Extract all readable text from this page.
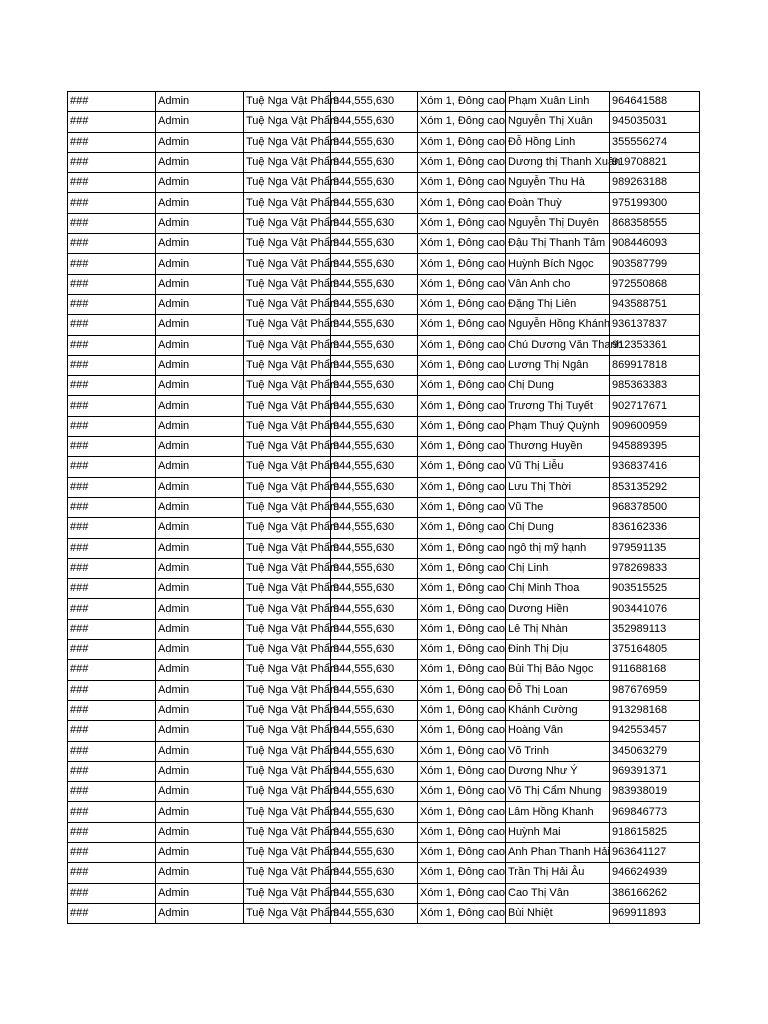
###	Admin	Tuệ Nga Vật Phẩm	944,555,630	Xóm 1, Đông cao	Phạm Xuân Linh	964641588
###	Admin	Tuệ Nga Vật Phẩm	944,555,630	Xóm 1, Đông cao	Nguyễn Thị Xuân	945035031
###	Admin	Tuệ Nga Vật Phẩm	944,555,630	Xóm 1, Đông cao	Đỗ Hồng Linh	355556274
###	Admin	Tuệ Nga Vật Phẩm	944,555,630	Xóm 1, Đông cao	Dương thị Thanh Xuân	919708821
###	Admin	Tuệ Nga Vật Phẩm	944,555,630	Xóm 1, Đông cao	Nguyễn Thu Hà	989263188
###	Admin	Tuệ Nga Vật Phẩm	944,555,630	Xóm 1, Đông cao	Đoàn Thuỳ	975199300
###	Admin	Tuệ Nga Vật Phẩm	944,555,630	Xóm 1, Đông cao	Nguyễn Thị Duyên	868358555
###	Admin	Tuệ Nga Vật Phẩm	944,555,630	Xóm 1, Đông cao	Đậu Thị Thanh Tâm	908446093
###	Admin	Tuệ Nga Vật Phẩm	944,555,630	Xóm 1, Đông cao	Huỳnh Bích Ngọc	903587799
###	Admin	Tuệ Nga Vật Phẩm	944,555,630	Xóm 1, Đông cao	Vân Anh cho	972550868
###	Admin	Tuệ Nga Vật Phẩm	944,555,630	Xóm 1, Đông cao	Đặng Thị Liên	943588751
###	Admin	Tuệ Nga Vật Phẩm	944,555,630	Xóm 1, Đông cao	Nguyễn Hồng Khánh	936137837
###	Admin	Tuệ Nga Vật Phẩm	944,555,630	Xóm 1, Đông cao	Chú Dương Văn Thanh	912353361
###	Admin	Tuệ Nga Vật Phẩm	944,555,630	Xóm 1, Đông cao	Lương Thị Ngân	869917818
###	Admin	Tuệ Nga Vật Phẩm	944,555,630	Xóm 1, Đông cao	Chị Dung	985363383
###	Admin	Tuệ Nga Vật Phẩm	944,555,630	Xóm 1, Đông cao	Trương Thị Tuyết	902717671
###	Admin	Tuệ Nga Vật Phẩm	944,555,630	Xóm 1, Đông cao	Phạm Thuý Quỳnh	909600959
###	Admin	Tuệ Nga Vật Phẩm	944,555,630	Xóm 1, Đông cao	Thương Huyền	945889395
###	Admin	Tuệ Nga Vật Phẩm	944,555,630	Xóm 1, Đông cao	Vũ Thị Liễu	936837416
###	Admin	Tuệ Nga Vật Phẩm	944,555,630	Xóm 1, Đông cao	Lưu Thị Thời	853135292
###	Admin	Tuệ Nga Vật Phẩm	944,555,630	Xóm 1, Đông cao	Vũ The	968378500
###	Admin	Tuệ Nga Vật Phẩm	944,555,630	Xóm 1, Đông cao	Chị Dung	836162336
###	Admin	Tuệ Nga Vật Phẩm	944,555,630	Xóm 1, Đông cao	ngô thị mỹ hạnh	979591135
###	Admin	Tuệ Nga Vật Phẩm	944,555,630	Xóm 1, Đông cao	Chị Linh	978269833
###	Admin	Tuệ Nga Vật Phẩm	944,555,630	Xóm 1, Đông cao	Chị Minh Thoa	903515525
###	Admin	Tuệ Nga Vật Phẩm	944,555,630	Xóm 1, Đông cao	Dương Hiền	903441076
###	Admin	Tuệ Nga Vật Phẩm	944,555,630	Xóm 1, Đông cao	Lê Thị Nhàn	352989113
###	Admin	Tuệ Nga Vật Phẩm	944,555,630	Xóm 1, Đông cao	Đinh Thị Dịu	375164805
###	Admin	Tuệ Nga Vật Phẩm	944,555,630	Xóm 1, Đông cao	Bùi Thị Bảo Ngọc	911688168
###	Admin	Tuệ Nga Vật Phẩm	944,555,630	Xóm 1, Đông cao	Đỗ Thị Loan	987676959
###	Admin	Tuệ Nga Vật Phẩm	944,555,630	Xóm 1, Đông cao	Khánh Cường	913298168
###	Admin	Tuệ Nga Vật Phẩm	944,555,630	Xóm 1, Đông cao	Hoàng Vân	942553457
###	Admin	Tuệ Nga Vật Phẩm	944,555,630	Xóm 1, Đông cao	Võ Trinh	345063279
###	Admin	Tuệ Nga Vật Phẩm	944,555,630	Xóm 1, Đông cao	Dương Như Ý	969391371
###	Admin	Tuệ Nga Vật Phẩm	944,555,630	Xóm 1, Đông cao	Võ Thị Cẩm Nhung	983938019
###	Admin	Tuệ Nga Vật Phẩm	944,555,630	Xóm 1, Đông cao	Lâm Hồng Khanh	969846773
###	Admin	Tuệ Nga Vật Phẩm	944,555,630	Xóm 1, Đông cao	Huỳnh Mai	918615825
###	Admin	Tuệ Nga Vật Phẩm	944,555,630	Xóm 1, Đông cao	Anh Phan Thanh Hải	963641127
###	Admin	Tuệ Nga Vật Phẩm	944,555,630	Xóm 1, Đông cao	Trần Thị Hải Âu	946624939
###	Admin	Tuệ Nga Vật Phẩm	944,555,630	Xóm 1, Đông cao	Cao Thị Vân	386166262
###	Admin	Tuệ Nga Vật Phẩm	944,555,630	Xóm 1, Đông cao	Bùi Nhiệt	969911893
